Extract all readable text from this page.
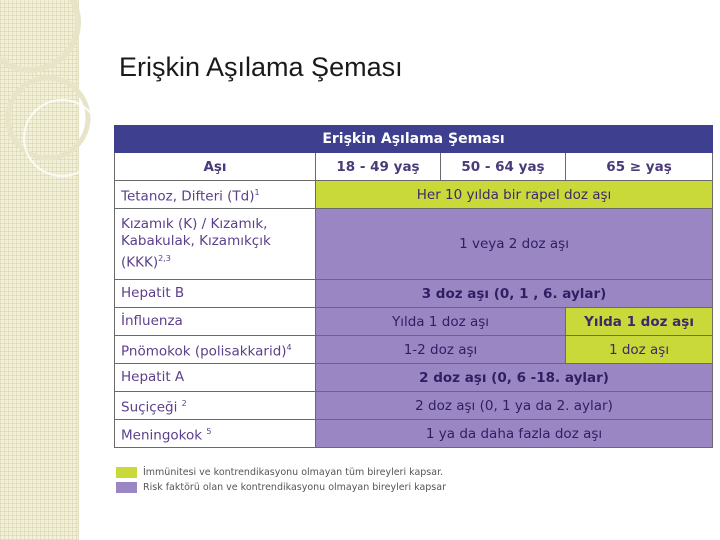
Erişkin Aşılama Şeması
Erişkin Aşılama Şeması			
Aşı	18 - 49 yaş	50 - 64 yaş	65 ≥ yaş
Tetanoz, Difteri $(Td)^1$	Her 10 yılda bir rapel doz aşı		
Kızamık (K) / Kızamık, Kabakulak, Kızamıkçık (KKK)$^{2,3}$	1 veya 2 doz aşı		
Hepatit B	3 doz aşı (0, 1 , 6. aylar)		
İnfluenza	Yılda 1 doz aşı		Yılda 1 doz aşı
Pnömokok (polisakkarid)$^4$	1-2 doz aşı		1 doz aşı
Hepatit A	2 doz aşı (0, 6 -18. aylar)		
Suçiçeği $^2$	2 doz aşı (0, 1 ya da 2. aylar)		
Meningokok $^5$	1 ya da daha fazla doz aşı		
İmmünitesi ve kontrendikasyonu olmayan tüm bireyleri kapsar.
Risk faktörü olan ve kontrendikasyonu olmayan bireyleri kapsar
